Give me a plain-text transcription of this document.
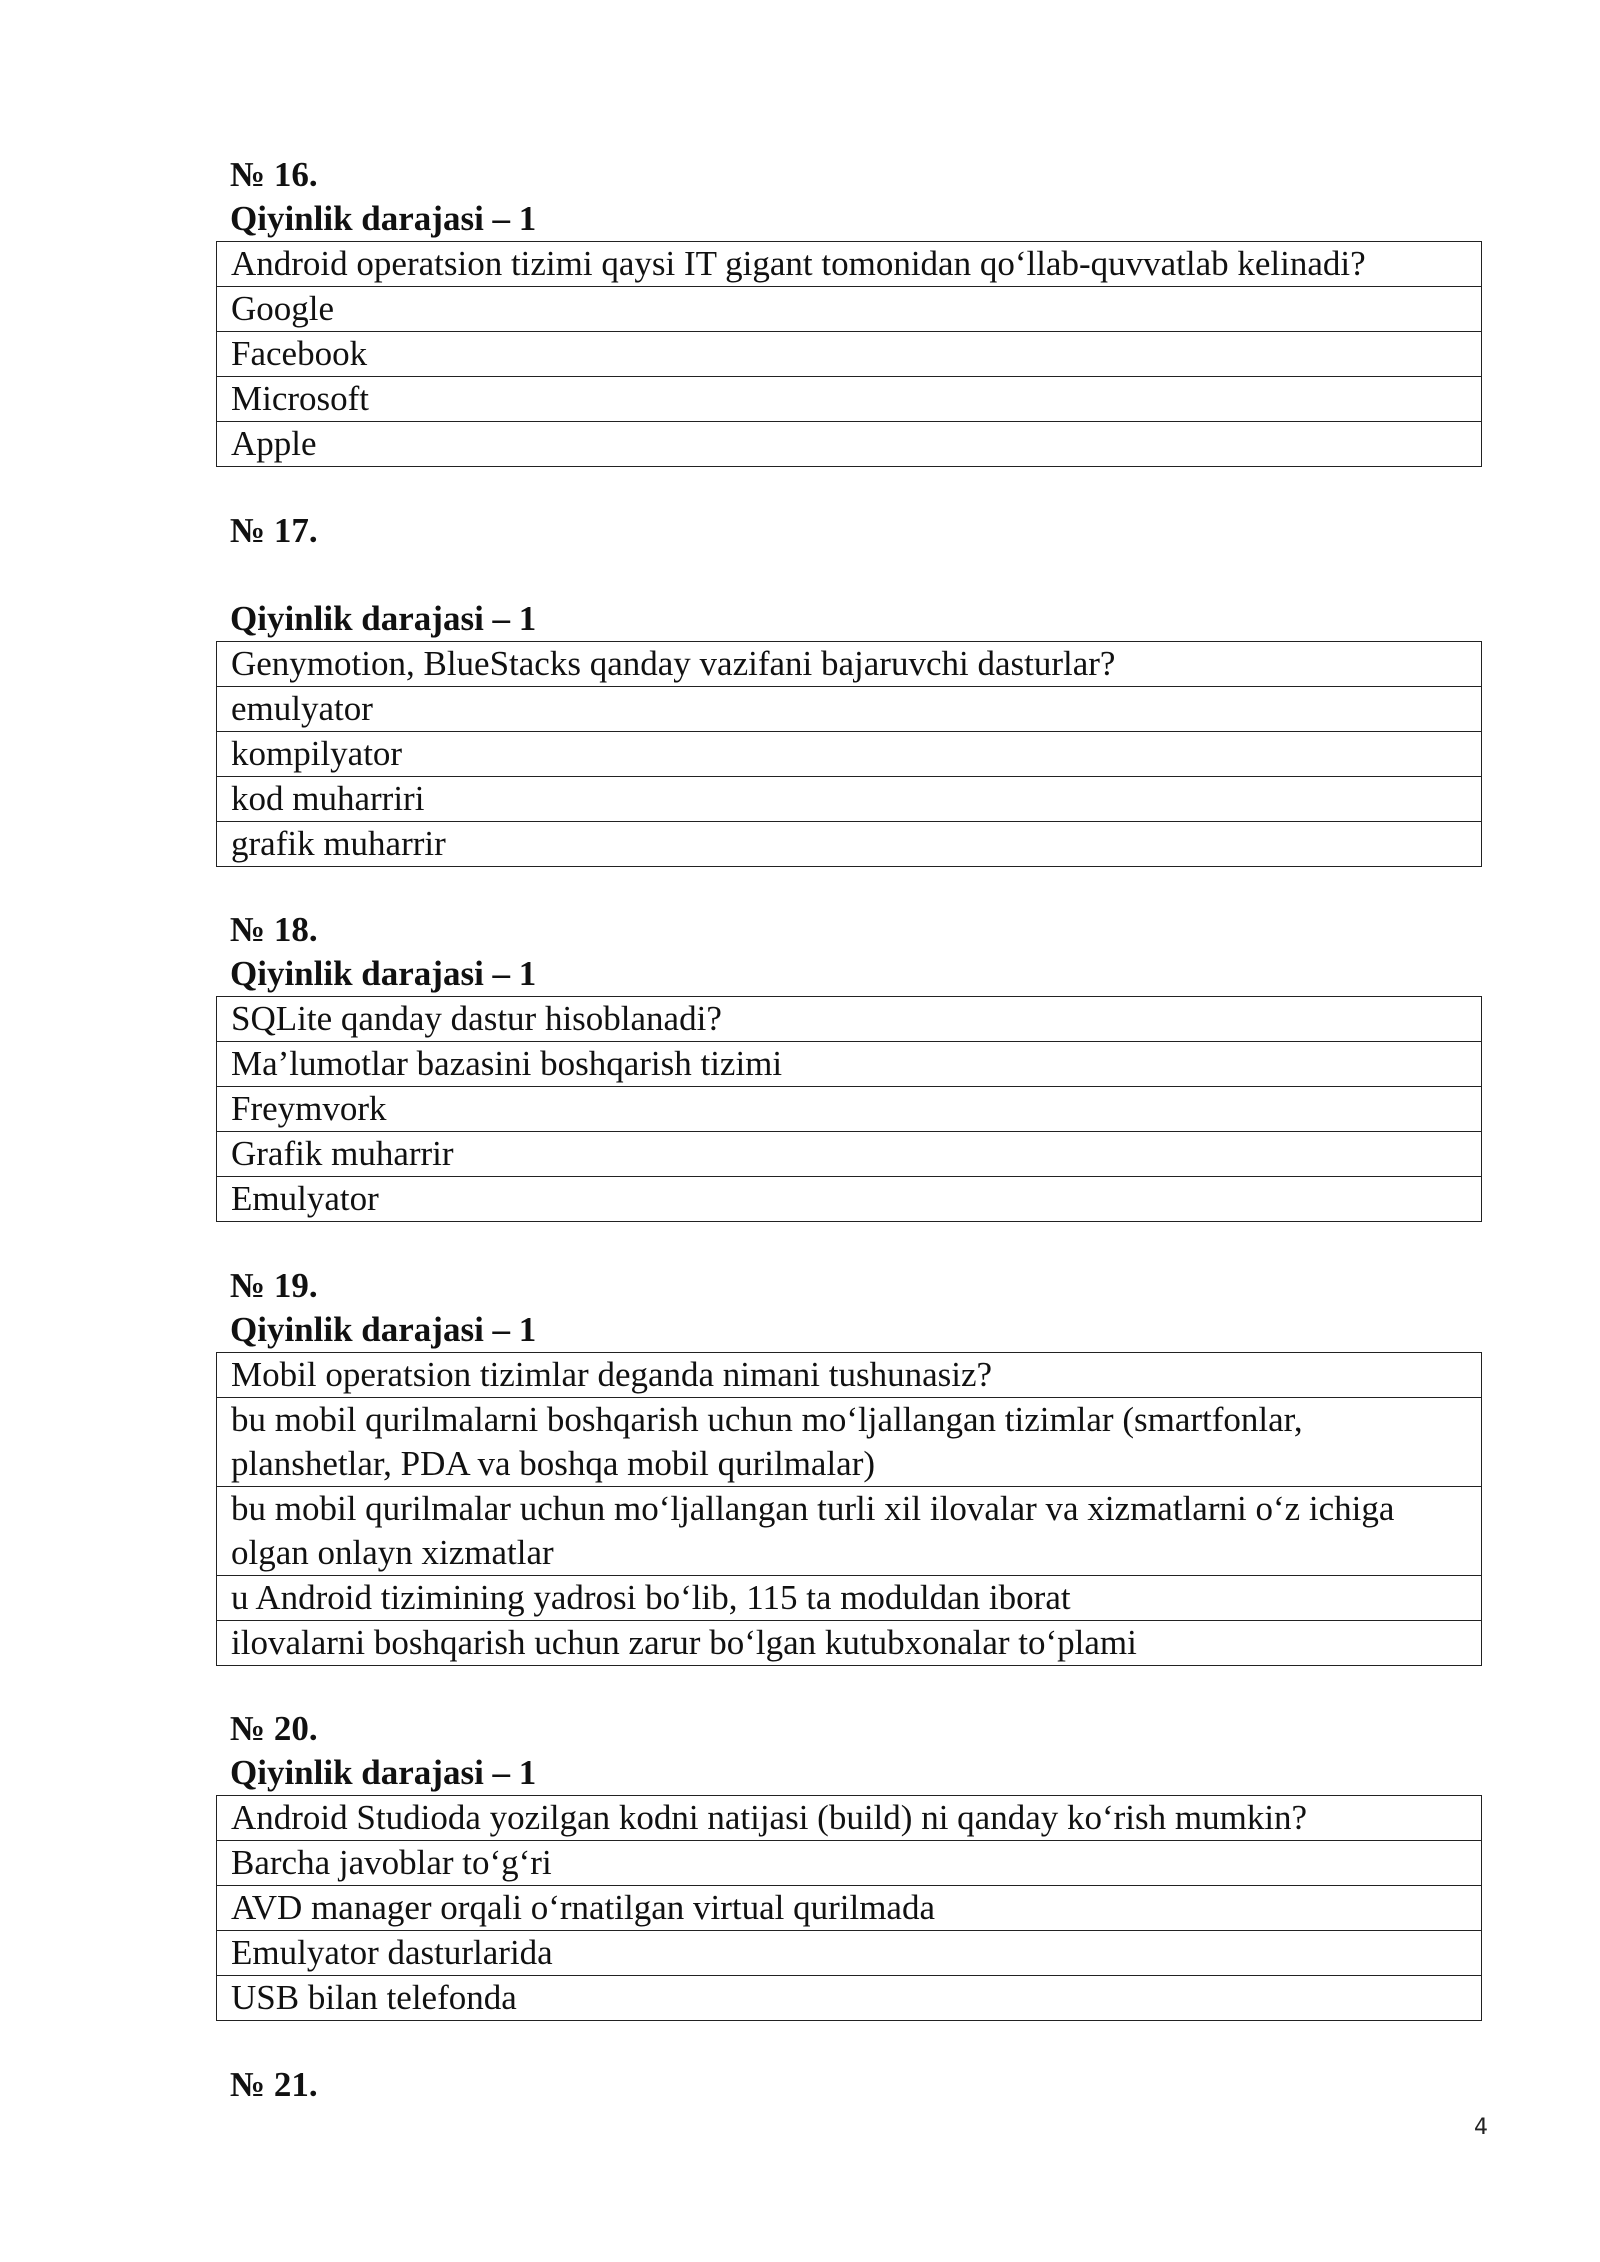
№ 16.
Qiyinlik darajasi – 1
Android operatsion tizimi qaysi IT gigant tomonidan qo‘llab-quvvatlab kelinadi?
Google
Facebook
Microsoft
Apple
№ 17.
Qiyinlik darajasi – 1
Genymotion, BlueStacks qanday vazifani bajaruvchi dasturlar?
emulyator
kompilyator
kod muharriri
grafik muharrir
№ 18.
Qiyinlik darajasi – 1
SQLite qanday dastur hisoblanadi?
Ma’lumotlar bazasini boshqarish tizimi
Freymvork
Grafik muharrir
Emulyator
№ 19.
Qiyinlik darajasi – 1
Mobil operatsion tizimlar deganda nimani tushunasiz?
bu mobil qurilmalarni boshqarish uchun mo‘ljallangan tizimlar (smartfonlar, planshetlar, PDA va boshqa mobil qurilmalar)
bu mobil qurilmalar uchun mo‘ljallangan turli xil ilovalar va xizmatlarni o‘z ichiga olgan onlayn xizmatlar
u Android tizimining yadrosi bo‘lib, 115 ta moduldan iborat
ilovalarni boshqarish uchun zarur bo‘lgan kutubxonalar to‘plami
№ 20.
Qiyinlik darajasi – 1
Android Studioda yozilgan kodni natijasi (build) ni qanday ko‘rish mumkin?
Barcha javoblar to‘g‘ri
AVD manager orqali o‘rnatilgan virtual qurilmada
Emulyator dasturlarida
USB bilan telefonda
№ 21.
4
